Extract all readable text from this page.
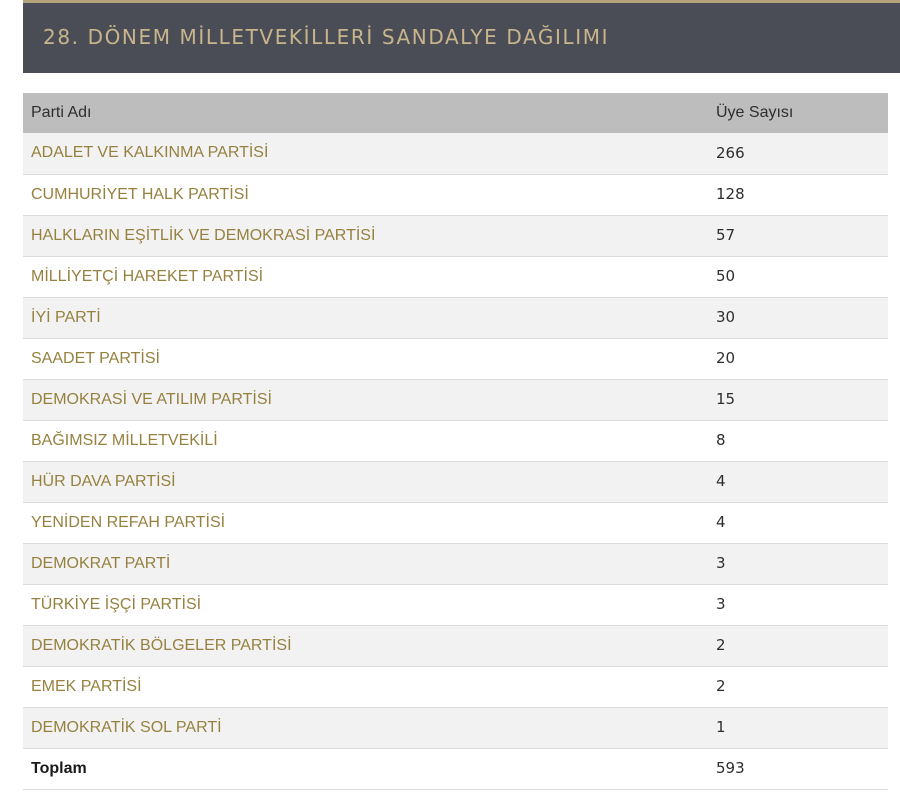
28. DÖNEM MİLLETVEKİLLERİ SANDALYE DAĞILIMI
Parti Adı	Üye Sayısı
ADALET VE KALKINMA PARTİSİ	266
CUMHURİYET HALK PARTİSİ	128
HALKLARIN EŞİTLİK VE DEMOKRASİ PARTİSİ	57
MİLLİYETÇİ HAREKET PARTİSİ	50
İYİ PARTİ	30
SAADET PARTİSİ	20
DEMOKRASİ VE ATILIM PARTİSİ	15
BAĞIMSIZ MİLLETVEKİLİ	8
HÜR DAVA PARTİSİ	4
YENİDEN REFAH PARTİSİ	4
DEMOKRAT PARTİ	3
TÜRKİYE İŞÇİ PARTİSİ	3
DEMOKRATİK BÖLGELER PARTİSİ	2
EMEK PARTİSİ	2
DEMOKRATİK SOL PARTİ	1
Toplam	593
